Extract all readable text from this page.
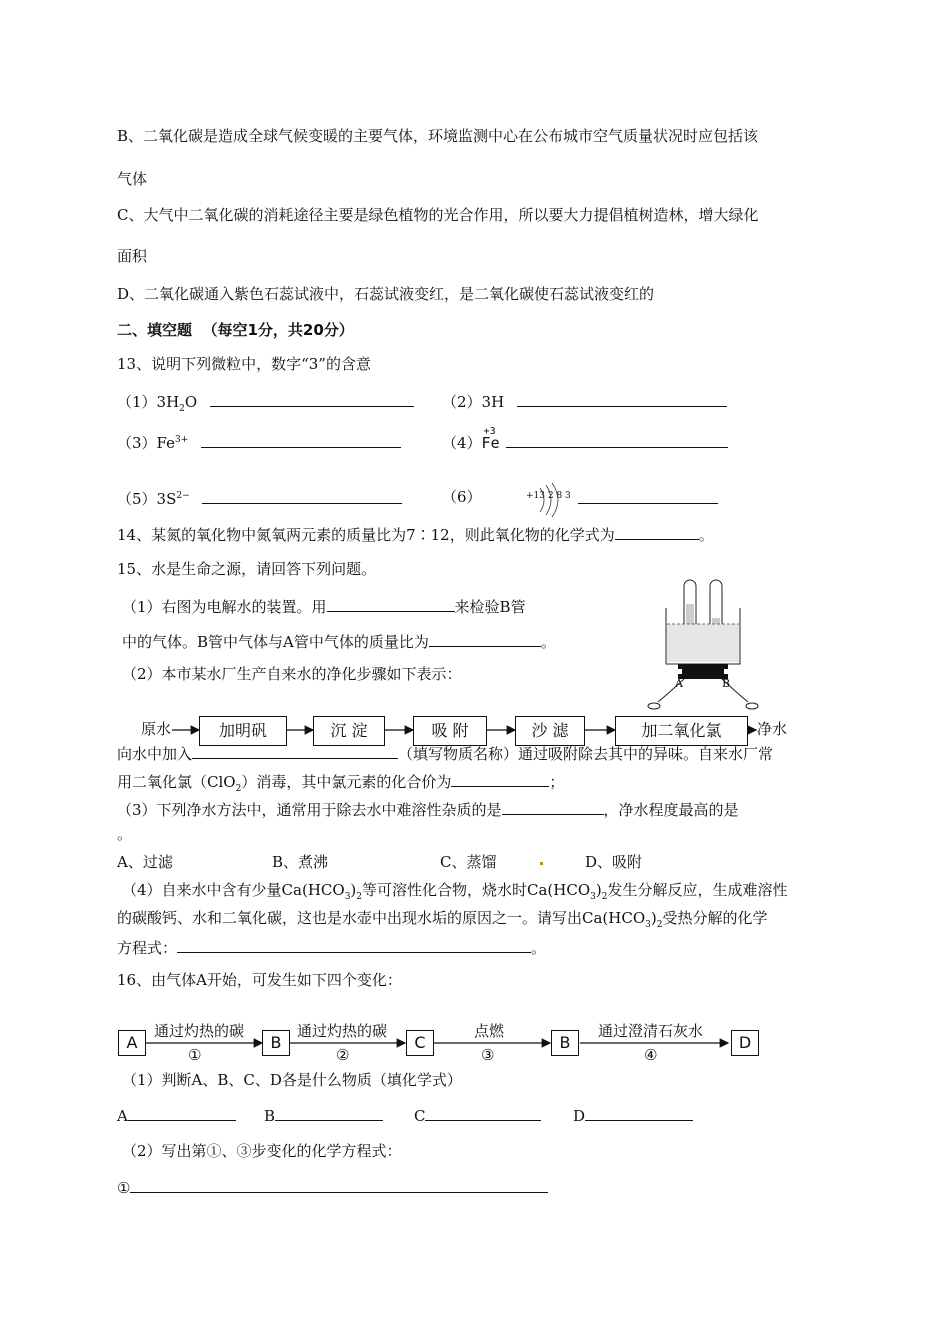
B、二氧化碳是造成全球气候变暖的主要气体，环境监测中心在公布城市空气质量状况时应包括该
气体
C、大气中二氧化碳的消耗途径主要是绿色植物的光合作用，所以要大力提倡植树造林，增大绿化
面积
D、二氧化碳通入紫色石蕊试液中，石蕊试液变红，是二氧化碳使石蕊试液变红的
二、填空题 （每空1分，共20分）
13、说明下列微粒中，数字“3”的含意
$(1)3H_2O$	（2）3H
$(3)Fe^{3+}$	（4）
+3
Fe
$(5)3S^{2-}$	（6）	+13 2 8 3
14、某氮的氧化物中氮氧两元素的质量比为7∶12，则此氧化物的化学式为	。
15、水是生命之源，请回答下列问题。
（1）右图为电解水的装置。用	来检验B管
中的气体。B管中气体与A管中气体的质量比为	。
A	B
（2）本市某水厂生产自来水的净化步骤如下表示：
原水	加明矾	沉 淀	吸 附	沙 滤	加二氧化氯	净水
向水中加入	（填写物质名称）通过吸附除去其中的异味。自来水厂常
用二氧化氯（ClO$_2$）消毒，其中氯元素的化合价为	；
（3）下列净水方法中，通常用于除去水中难溶性杂质的是	，净水程度最高的是
。
A、过滤	B、煮沸	C、蒸馏	D、吸附
（4）自来水中含有少量$Ca(HCO_3)_2$等可溶性化合物，烧水时$Ca(HCO_3)_2$发生分解反应，生成难溶性
的碳酸钙、水和二氧化碳，这也是水壶中出现水垢的原因之一。请写出$Ca(HCO_3)_2$受热分解的化学
方程式：	。
16、由气体A开始，可发生如下四个变化：
A	B	C	B	D
通过灼热的碳
①
通过灼热的碳
②
点燃
③
通过澄清石灰水
④
（1）判断A、B、C、D各是什么物质（填化学式）
A	B	C	D
（2）写出第①、③步变化的化学方程式：
①
